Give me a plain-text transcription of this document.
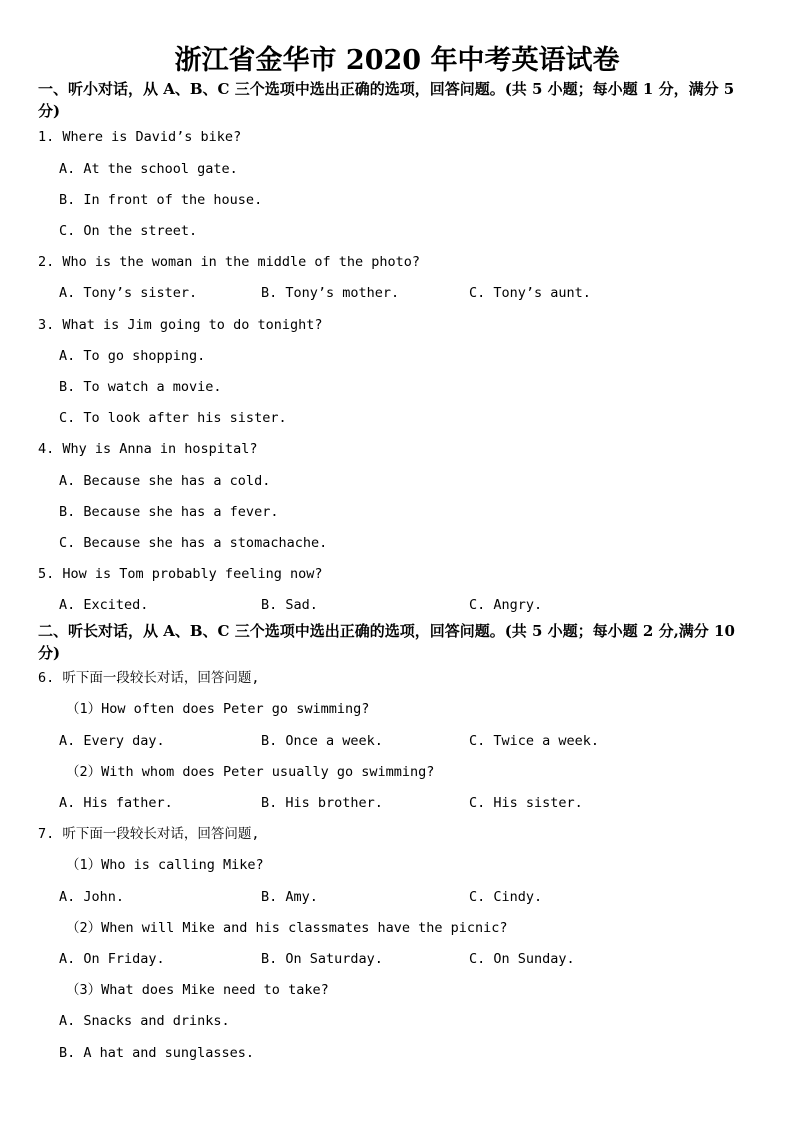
浙江省金华市 2020 年中考英语试卷
一、听小对话，从 A、B、C 三个选项中选出正确的选项，回答问题。(共 5 小题；每小题 1 分，满分 5
分)
1. Where is David’s bike?
A. At the school gate.
B. In front of the house.
C. On the street.
2. Who is the woman in the middle of the photo?
A. Tony’s sister.	B. Tony’s mother.	C. Tony’s aunt.
3. What is Jim going to do tonight?
A. To go shopping.
B. To watch a movie.
C. To look after his sister.
4. Why is Anna in hospital?
A. Because she has a cold.
B. Because she has a fever.
C. Because she has a stomachache.
5. How is Tom probably feeling now?
A. Excited.	B. Sad.	C. Angry.
二、听长对话，从 A、B、C 三个选项中选出正确的选项，回答问题。(共 5 小题；每小题 2 分,满分 10
分)
6. 听下面一段较长对话，回答问题,
（1）How often does Peter go swimming?
A. Every day.	B. Once a week.	C. Twice a week.
（2）With whom does Peter usually go swimming?
A. His father.	B. His brother.	C. His sister.
7. 听下面一段较长对话，回答问题,
（1）Who is calling Mike?
A. John.	B. Amy.	C. Cindy.
（2）When will Mike and his classmates have the picnic?
A. On Friday.	B. On Saturday.	C. On Sunday.
（3）What does Mike need to take?
A. Snacks and drinks.
B. A hat and sunglasses.
